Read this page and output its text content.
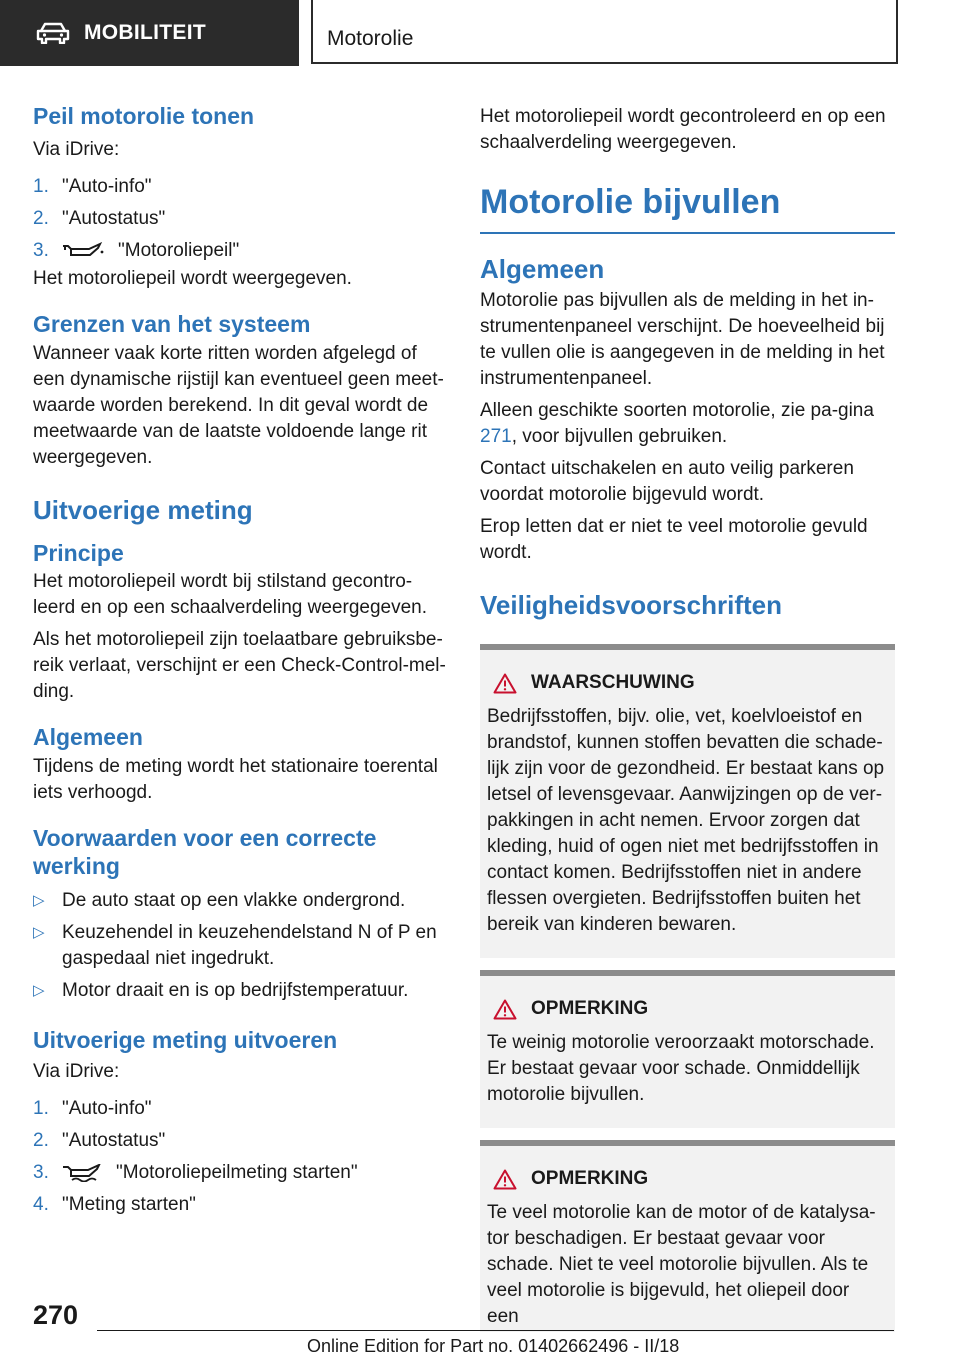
MOBILITEIT	Motorolie
Peil motorolie tonen

Via iDrive:

1. "Auto-info"
2. "Autostatus"
3.	"Motoroliepeil"

Het motoroliepeil wordt weergegeven.

Grenzen van het systeem

Wanneer vaak korte ritten worden afgelegd of een dynamische rijstijl kan eventueel geen meet-waarde worden berekend. In dit geval wordt de meetwaarde van de laatste voldoende lange rit weergegeven.

Uitvoerige meting
Principe

Het motoroliepeil wordt bij stilstand gecontro-leerd en op een schaalverdeling weergegeven.

Als het motoroliepeil zijn toelaatbare gebruiksbe-reik verlaat, verschijnt er een Check-Control-mel-ding.

Algemeen

Tijdens de meting wordt het stationaire toerental iets verhoogd.

Voorwaarden voor een correcte werking
▷ De auto staat op een vlakke ondergrond.
▷ Keuzehendel in keuzehendelstand N of P en gaspedaal niet ingedrukt.
▷ Motor draait en is op bedrijfstemperatuur.
Uitvoerige meting uitvoeren

Via iDrive:

1. "Auto-info"
2. "Autostatus"
3.	"Motoroliepeilmeting starten"
4. "Meting starten"

Het motoroliepeil wordt gecontroleerd en op een schaalverdeling weergegeven.

Motorolie bijvullen
Algemeen

Motorolie pas bijvullen als de melding in het in-strumentenpaneel verschijnt. De hoeveelheid bij te vullen olie is aangegeven in de melding in het instrumentenpaneel.

Alleen geschikte soorten motorolie, zie pa-gina 271, voor bijvullen gebruiken.

Contact uitschakelen en auto veilig parkeren voordat motorolie bijgevuld wordt.

Erop letten dat er niet te veel motorolie gevuld wordt.

Veiligheidsvoorschriften
WAARSCHUWING

Bedrijfsstoffen, bijv. olie, vet, koelvloeistof en brandstof, kunnen stoffen bevatten die schade-lijk zijn voor de gezondheid. Er bestaat kans op letsel of levensgevaar. Aanwijzingen op de ver-pakkingen in acht nemen. Ervoor zorgen dat kleding, huid of ogen niet met bedrijfsstoffen in contact komen. Bedrijfsstoffen niet in andere flessen overgieten. Bedrijfsstoffen buiten het bereik van kinderen bewaren.

OPMERKING

Te weinig motorolie veroorzaakt motorschade. Er bestaat gevaar voor schade. Onmiddellijk motorolie bijvullen.

OPMERKING

Te veel motorolie kan de motor of de katalysa-tor beschadigen. Er bestaat gevaar voor schade. Niet te veel motorolie bijvullen. Als te veel motorolie is bijgevuld, het oliepeil door een

270
Online Edition for Part no. 01402662496 - II/18
